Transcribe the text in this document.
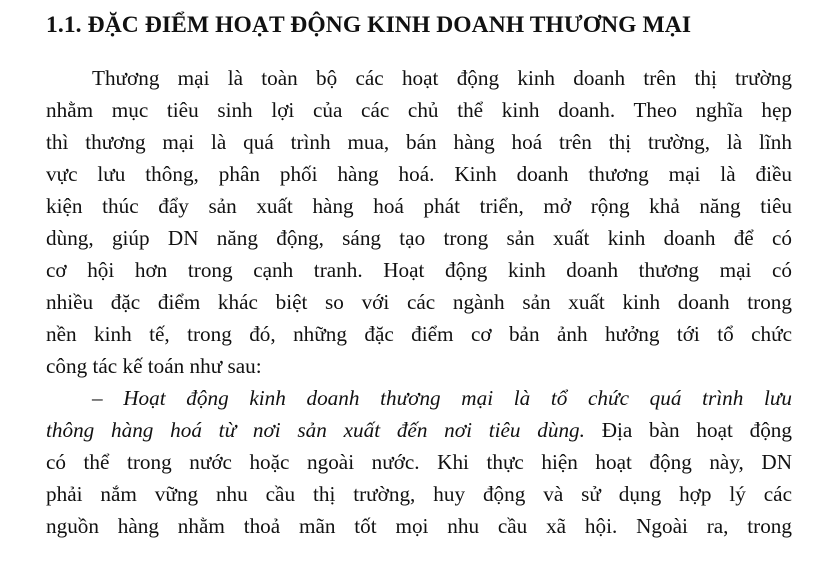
1.1. ĐẶC ĐIỂM HOẠT ĐỘNG KINH DOANH THƯƠNG MẠI
Thương mại là toàn bộ các hoạt động kinh doanh trên thị trường
nhằm mục tiêu sinh lợi của các chủ thể kinh doanh. Theo nghĩa hẹp
thì thương mại là quá trình mua, bán hàng hoá trên thị trường, là lĩnh
vực lưu thông, phân phối hàng hoá. Kinh doanh thương mại là điều
kiện thúc đẩy sản xuất hàng hoá phát triển, mở rộng khả năng tiêu
dùng, giúp DN năng động, sáng tạo trong sản xuất kinh doanh để có
cơ hội hơn trong cạnh tranh. Hoạt động kinh doanh thương mại có
nhiều đặc điểm khác biệt so với các ngành sản xuất kinh doanh trong
nền kinh tế, trong đó, những đặc điểm cơ bản ảnh hưởng tới tổ chức
công tác kế toán như sau:
– Hoạt động kinh doanh thương mại là tổ chức quá trình lưu
thông hàng hoá từ nơi sản xuất đến nơi tiêu dùng. Địa bàn hoạt động
có thể trong nước hoặc ngoài nước. Khi thực hiện hoạt động này, DN
phải nắm vững nhu cầu thị trường, huy động và sử dụng hợp lý các
nguồn hàng nhằm thoả mãn tốt mọi nhu cầu xã hội. Ngoài ra, trong
